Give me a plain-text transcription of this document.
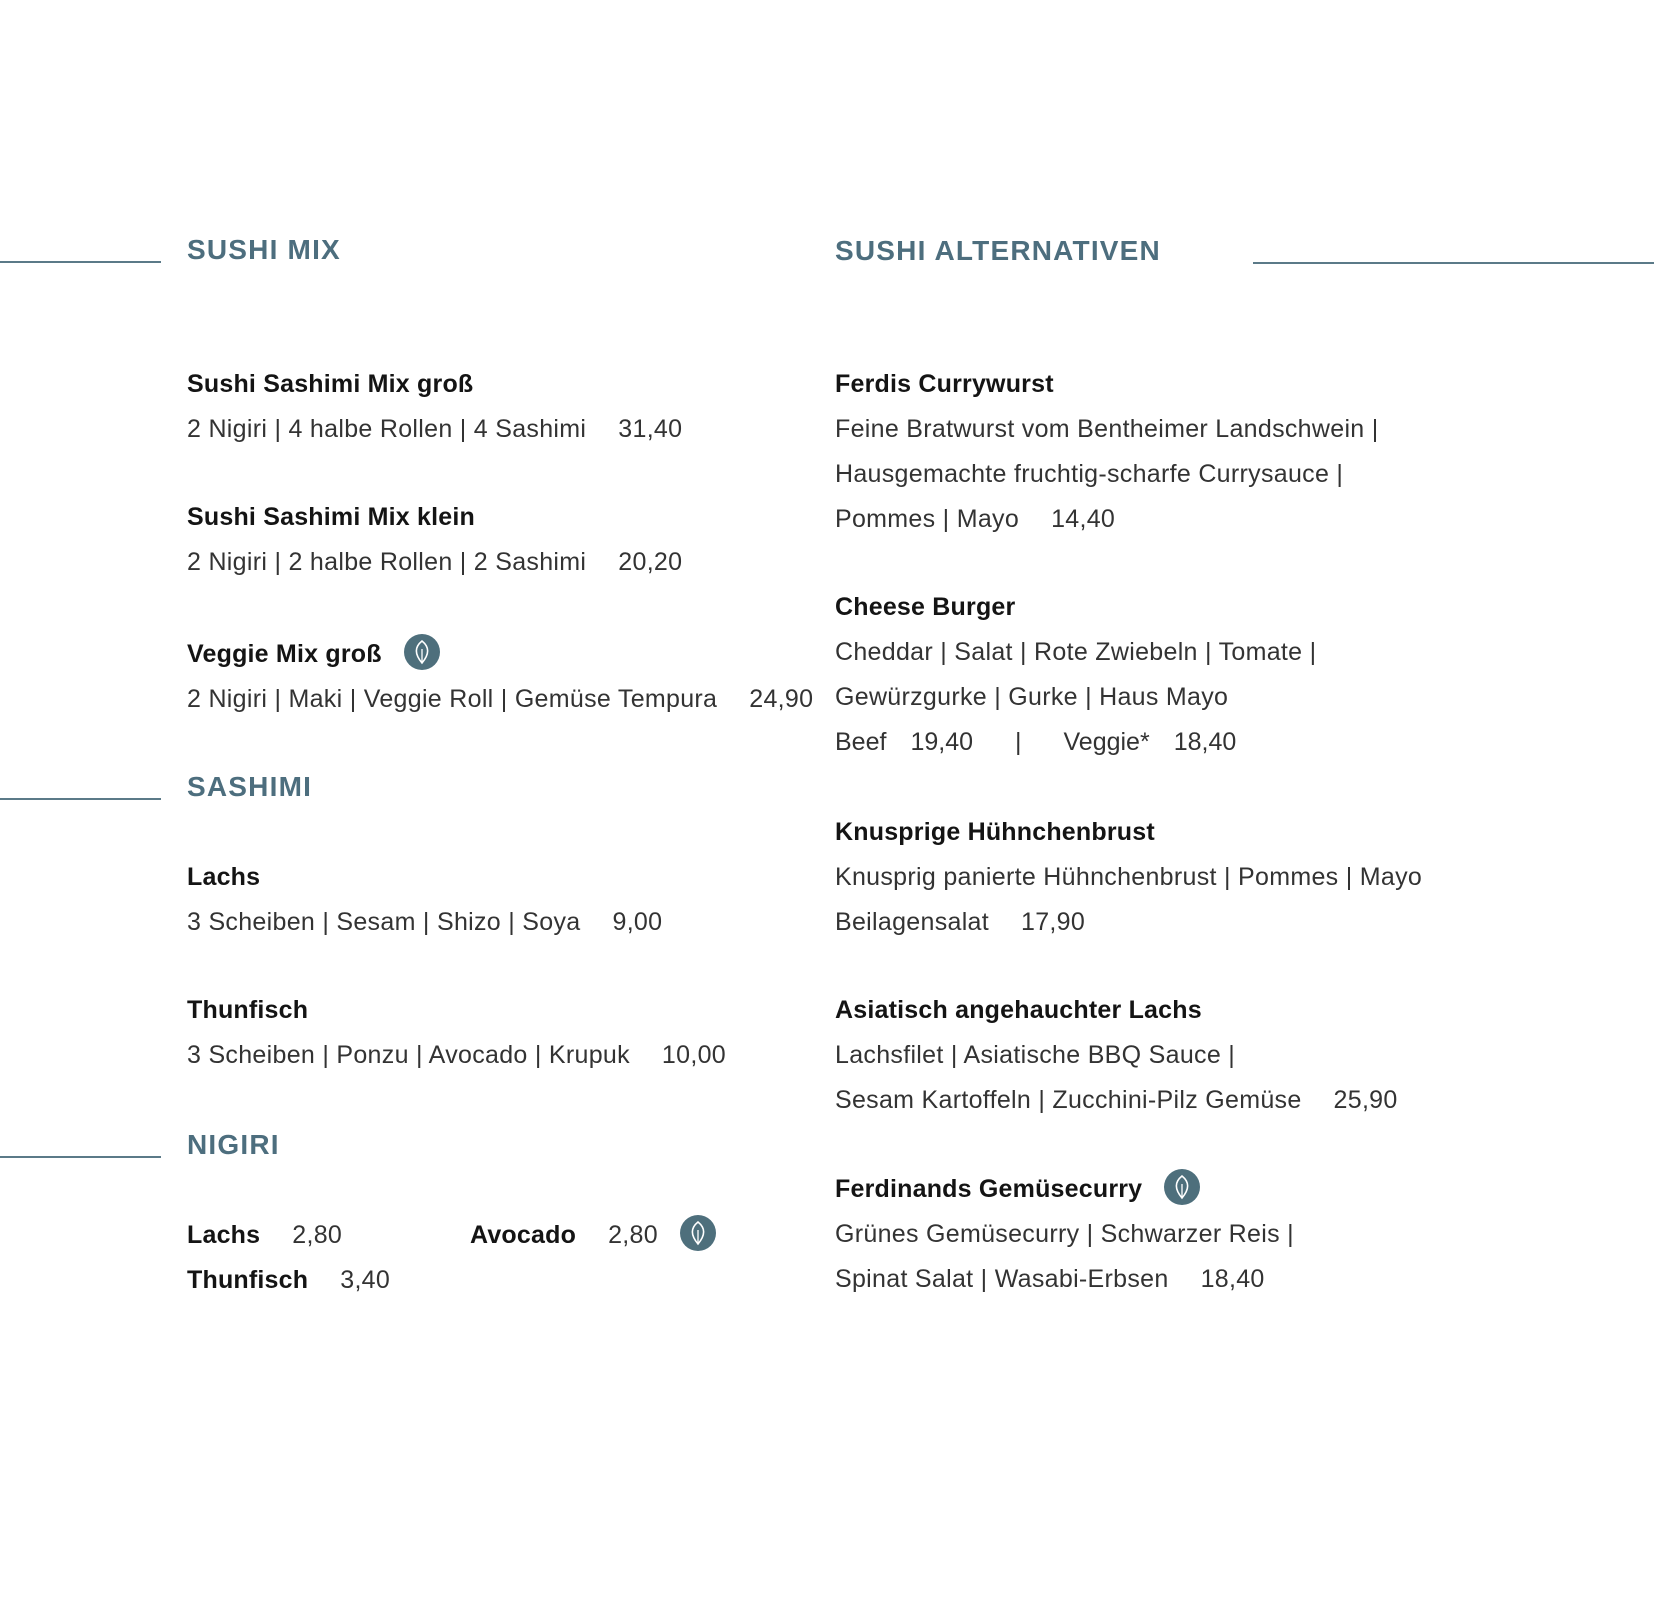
SUSHI MIX
Sushi Sashimi Mix groß
2 Nigiri | 4 halbe Rollen | 4 Sashimi 31,40
Sushi Sashimi Mix klein
2 Nigiri | 2 halbe Rollen | 2 Sashimi 20,20
Veggie Mix groß
2 Nigiri | Maki | Veggie Roll | Gemüse Tempura 24,90
SASHIMI
Lachs
3 Scheiben | Sesam | Shizo | Soya 9,00
Thunfisch
3 Scheiben | Ponzu | Avocado | Krupuk 10,00
NIGIRI
Lachs 2,80	Avocado 2,80
Thunfisch 3,40
SUSHI ALTERNATIVEN
Ferdis Currywurst
Feine Bratwurst vom Bentheimer Landschwein |
Hausgemachte fruchtig-scharfe Currysauce |
Pommes | Mayo 14,40
Cheese Burger
Cheddar | Salat | Rote Zwiebeln | Tomate |
Gewürzgurke | Gurke | Haus Mayo
Beef 19,40 | Veggie* 18,40
Knusprige Hühnchenbrust
Knusprig panierte Hühnchenbrust | Pommes | Mayo
Beilagensalat 17,90
Asiatisch angehauchter Lachs
Lachsfilet | Asiatische BBQ Sauce |
Sesam Kartoffeln | Zucchini-Pilz Gemüse 25,90
Ferdinands Gemüsecurry
Grünes Gemüsecurry | Schwarzer Reis |
Spinat Salat | Wasabi-Erbsen 18,40
